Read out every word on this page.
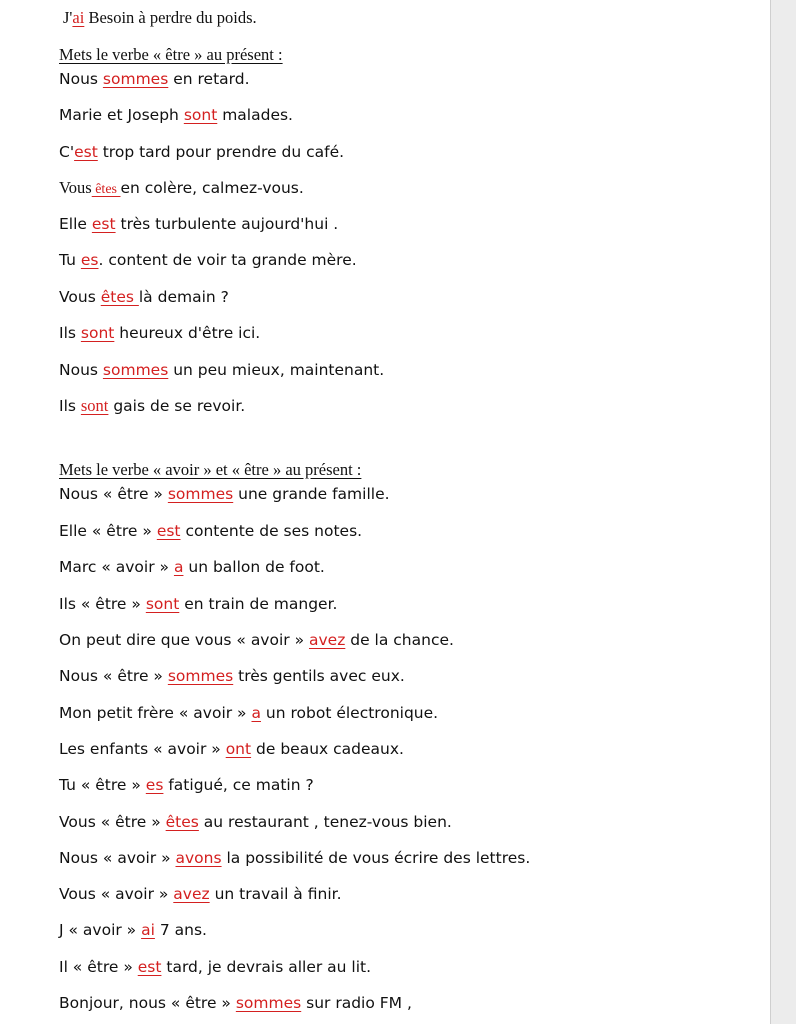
J'ai Besoin à perdre du poids.
Mets le verbe « être » au présent :
Nous sommes en retard.
Marie et Joseph sont malades.
C'est trop tard pour prendre du café.
Vous êtes en colère, calmez-vous.
Elle est très turbulente aujourd'hui .
Tu es. content de voir ta grande mère.
Vous êtes là demain ?
Ils sont heureux d'être ici.
Nous sommes un peu mieux, maintenant.
Ils sont gais de se revoir.
Mets le verbe « avoir » et « être » au présent :
Nous « être » sommes une grande famille.
Elle « être » est contente de ses notes.
Marc « avoir » a un ballon de foot.
Ils « être » sont en train de manger.
On peut dire que vous « avoir » avez de la chance.
Nous « être » sommes très gentils avec eux.
Mon petit frère « avoir » a un robot électronique.
Les enfants « avoir » ont de beaux cadeaux.
Tu « être » es fatigué, ce matin ?
Vous « être » êtes au restaurant , tenez-vous bien.
Nous « avoir » avons la possibilité de vous écrire des lettres.
Vous « avoir » avez un travail à finir.
J « avoir » ai 7 ans.
Il « être » est tard, je devrais aller au lit.
Bonjour, nous « être » sommes sur radio FM ,
